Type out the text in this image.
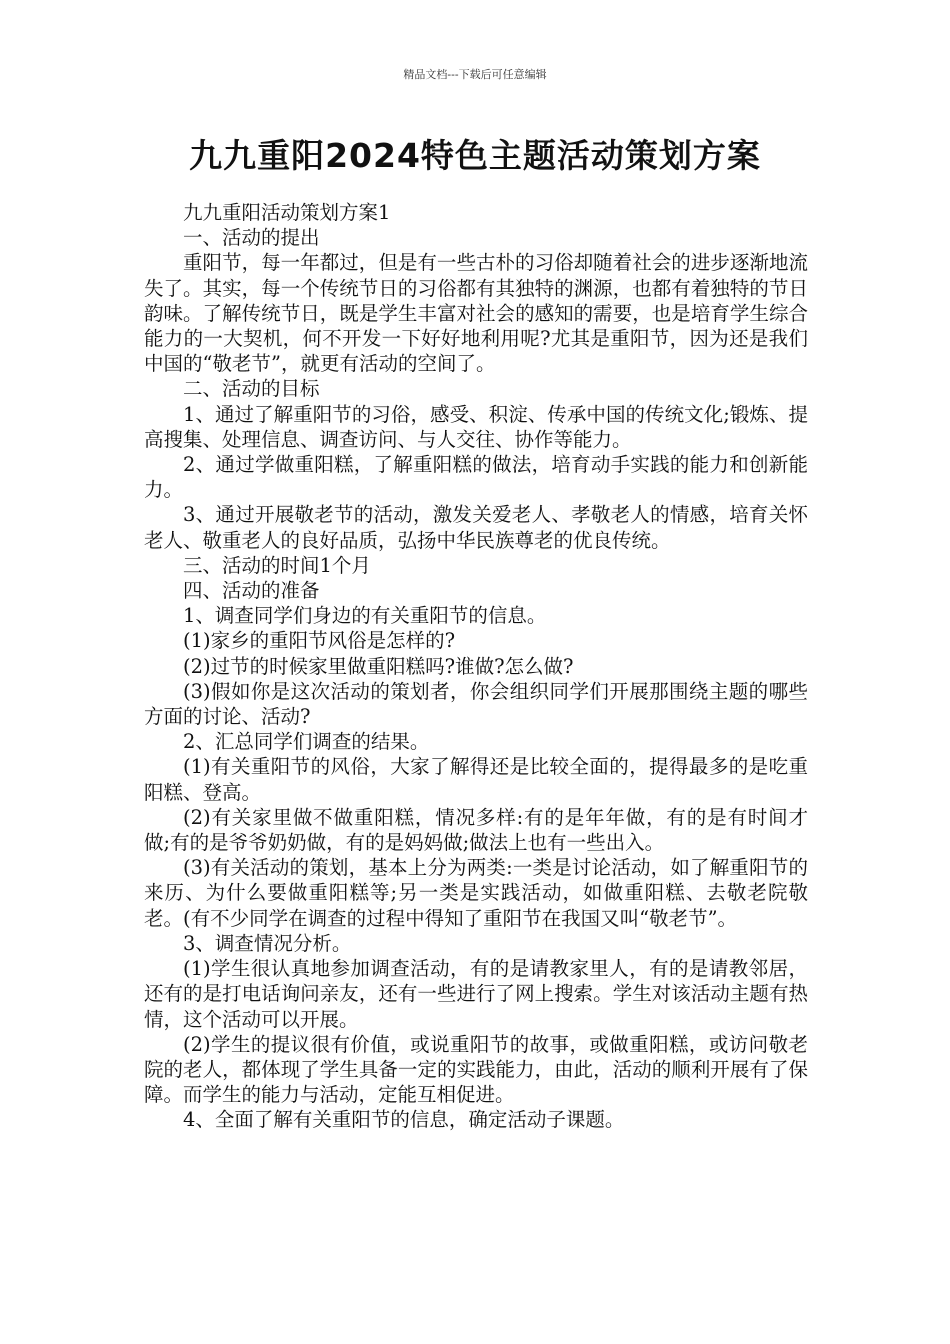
精品文档---下载后可任意编辑
九九重阳2024特色主题活动策划方案

九九重阳活动策划方案1

一、活动的提出

重阳节，每一年都过，但是有一些古朴的习俗却随着社会的进步逐渐地流失了。其实，每一个传统节日的习俗都有其独特的渊源，也都有着独特的节日韵味。了解传统节日，既是学生丰富对社会的感知的需要，也是培育学生综合能力的一大契机，何不开发一下好好地利用呢?尤其是重阳节，因为还是我们中国的“敬老节”，就更有活动的空间了。

二、活动的目标

1、通过了解重阳节的习俗，感受、积淀、传承中国的传统文化;锻炼、提高搜集、处理信息、调查访问、与人交往、协作等能力。

2、通过学做重阳糕，了解重阳糕的做法，培育动手实践的能力和创新能力。

3、通过开展敬老节的活动，激发关爱老人、孝敬老人的情感，培育关怀老人、敬重老人的良好品质，弘扬中华民族尊老的优良传统。

三、活动的时间1个月

四、活动的准备

1、调查同学们身边的有关重阳节的信息。

(1)家乡的重阳节风俗是怎样的?

(2)过节的时候家里做重阳糕吗?谁做?怎么做?

(3)假如你是这次活动的策划者，你会组织同学们开展那围绕主题的哪些方面的讨论、活动?

2、汇总同学们调查的结果。

(1)有关重阳节的风俗，大家了解得还是比较全面的，提得最多的是吃重阳糕、登高。

(2)有关家里做不做重阳糕，情况多样:有的是年年做，有的是有时间才做;有的是爷爷奶奶做，有的是妈妈做;做法上也有一些出入。

(3)有关活动的策划，基本上分为两类:一类是讨论活动，如了解重阳节的来历、为什么要做重阳糕等;另一类是实践活动，如做重阳糕、去敬老院敬老。(有不少同学在调查的过程中得知了重阳节在我国又叫“敬老节”。

3、调查情况分析。

(1)学生很认真地参加调查活动，有的是请教家里人，有的是请教邻居，还有的是打电话询问亲友，还有一些进行了网上搜索。学生对该活动主题有热情，这个活动可以开展。

(2)学生的提议很有价值，或说重阳节的故事，或做重阳糕，或访问敬老院的老人，都体现了学生具备一定的实践能力，由此，活动的顺利开展有了保障。而学生的能力与活动，定能互相促进。

4、全面了解有关重阳节的信息，确定活动子课题。
